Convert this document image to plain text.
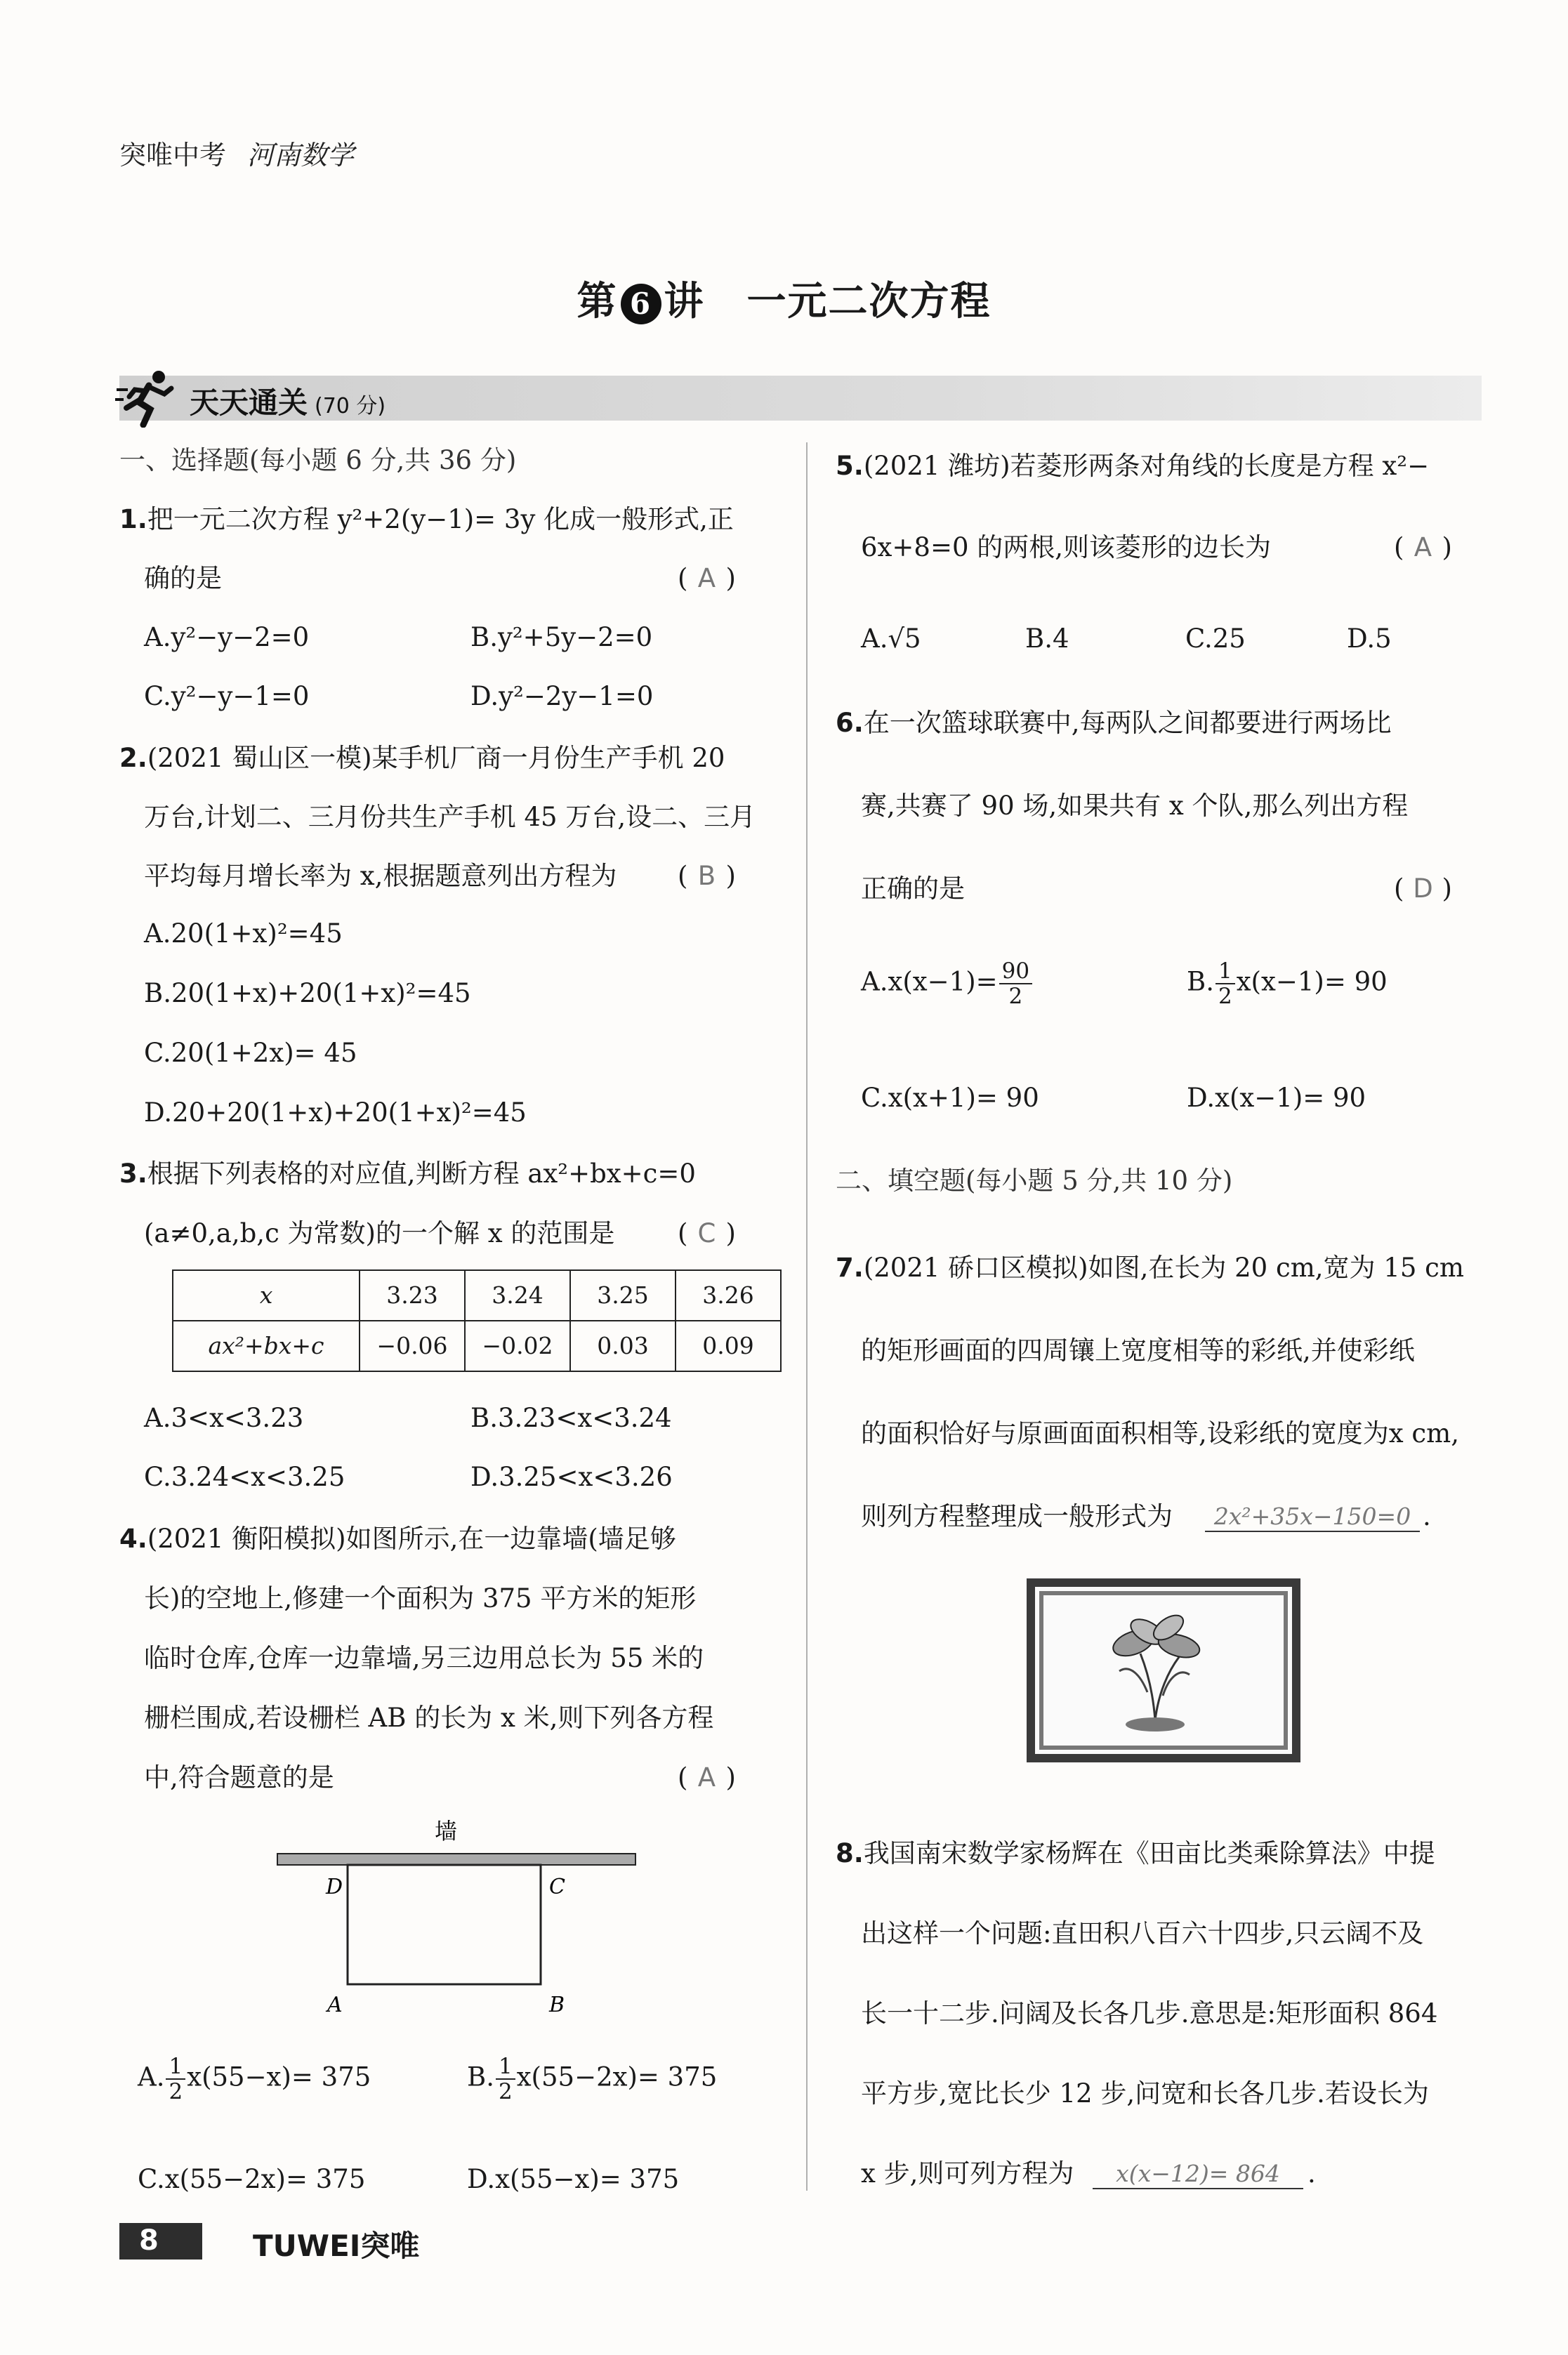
突唯中考 河南数学
第 6 讲 一元二次方程
天天通关 (70 分)
一、选择题(每小题 6 分,共 36 分)
1.把一元二次方程 y²+2(y−1)= 3y 化成一般形式,正
确的是	( A )
A.y²−y−2=0	B.y²+5y−2=0
C.y²−y−1=0	D.y²−2y−1=0
2.(2021 蜀山区一模)某手机厂商一月份生产手机 20
万台,计划二、三月份共生产手机 45 万台,设二、三月
平均每月增长率为 x,根据题意列出方程为 ( B )
A.20(1+x)²=45
B.20(1+x)+20(1+x)²=45
C.20(1+2x)= 45
D.20+20(1+x)+20(1+x)²=45
3.根据下列表格的对应值,判断方程 ax²+bx+c=0
(a≠0,a,b,c 为常数)的一个解 x 的范围是 ( C )
x	3.23	3.24	3.25	3.26
ax²+bx+c	−0.06	−0.02	0.03	0.09
A.3<x<3.23	B.3.23<x<3.24
C.3.24<x<3.25	D.3.25<x<3.26
4.(2021 衡阳模拟)如图所示,在一边靠墙(墙足够
长)的空地上,修建一个面积为 375 平方米的矩形
临时仓库,仓库一边靠墙,另三边用总长为 55 米的
栅栏围成,若设栅栏 AB 的长为 x 米,则下列各方程
中,符合题意的是	( A )
墙
D	C
A	B
A. $\frac{1}{2} x(55-x)= 375$	B. $\frac{1}{2} x(55-2x)= 375$
C.x(55−2x)= 375	D.x(55−x)= 375
5.(2021 潍坊)若菱形两条对角线的长度是方程 x²−
6x+8=0 的两根,则该菱形的边长为	( A )
A.√5	B.4	C.25	D.5
6.在一次篮球联赛中,每两队之间都要进行两场比
赛,共赛了 90 场,如果共有 x 个队,那么列出方程
正确的是	( D )
$A.x(x-1)= \frac{90}{2}$	B. $\frac{1}{2} x(x-1)= 90$
C.x(x+1)= 90	D.x(x−1)= 90
二、填空题(每小题 5 分,共 10 分)
7.(2021 硚口区模拟)如图,在长为 20 cm,宽为 15 cm
的矩形画面的四周镶上宽度相等的彩纸,并使彩纸
的面积恰好与原画面面积相等,设彩纸的宽度为x cm,
则列方程整理成一般形式为	2x²+35x−150=0 .
8.我国南宋数学家杨辉在《田亩比类乘除算法》中提
出这样一个问题:直田积八百六十四步,只云阔不及
长一十二步.问阔及长各几步.意思是:矩形面积 864
平方步,宽比长少 12 步,问宽和长各几步.若设长为
x 步,则可列方程为	x(x−12)= 864	.
8	TUWEI突唯
